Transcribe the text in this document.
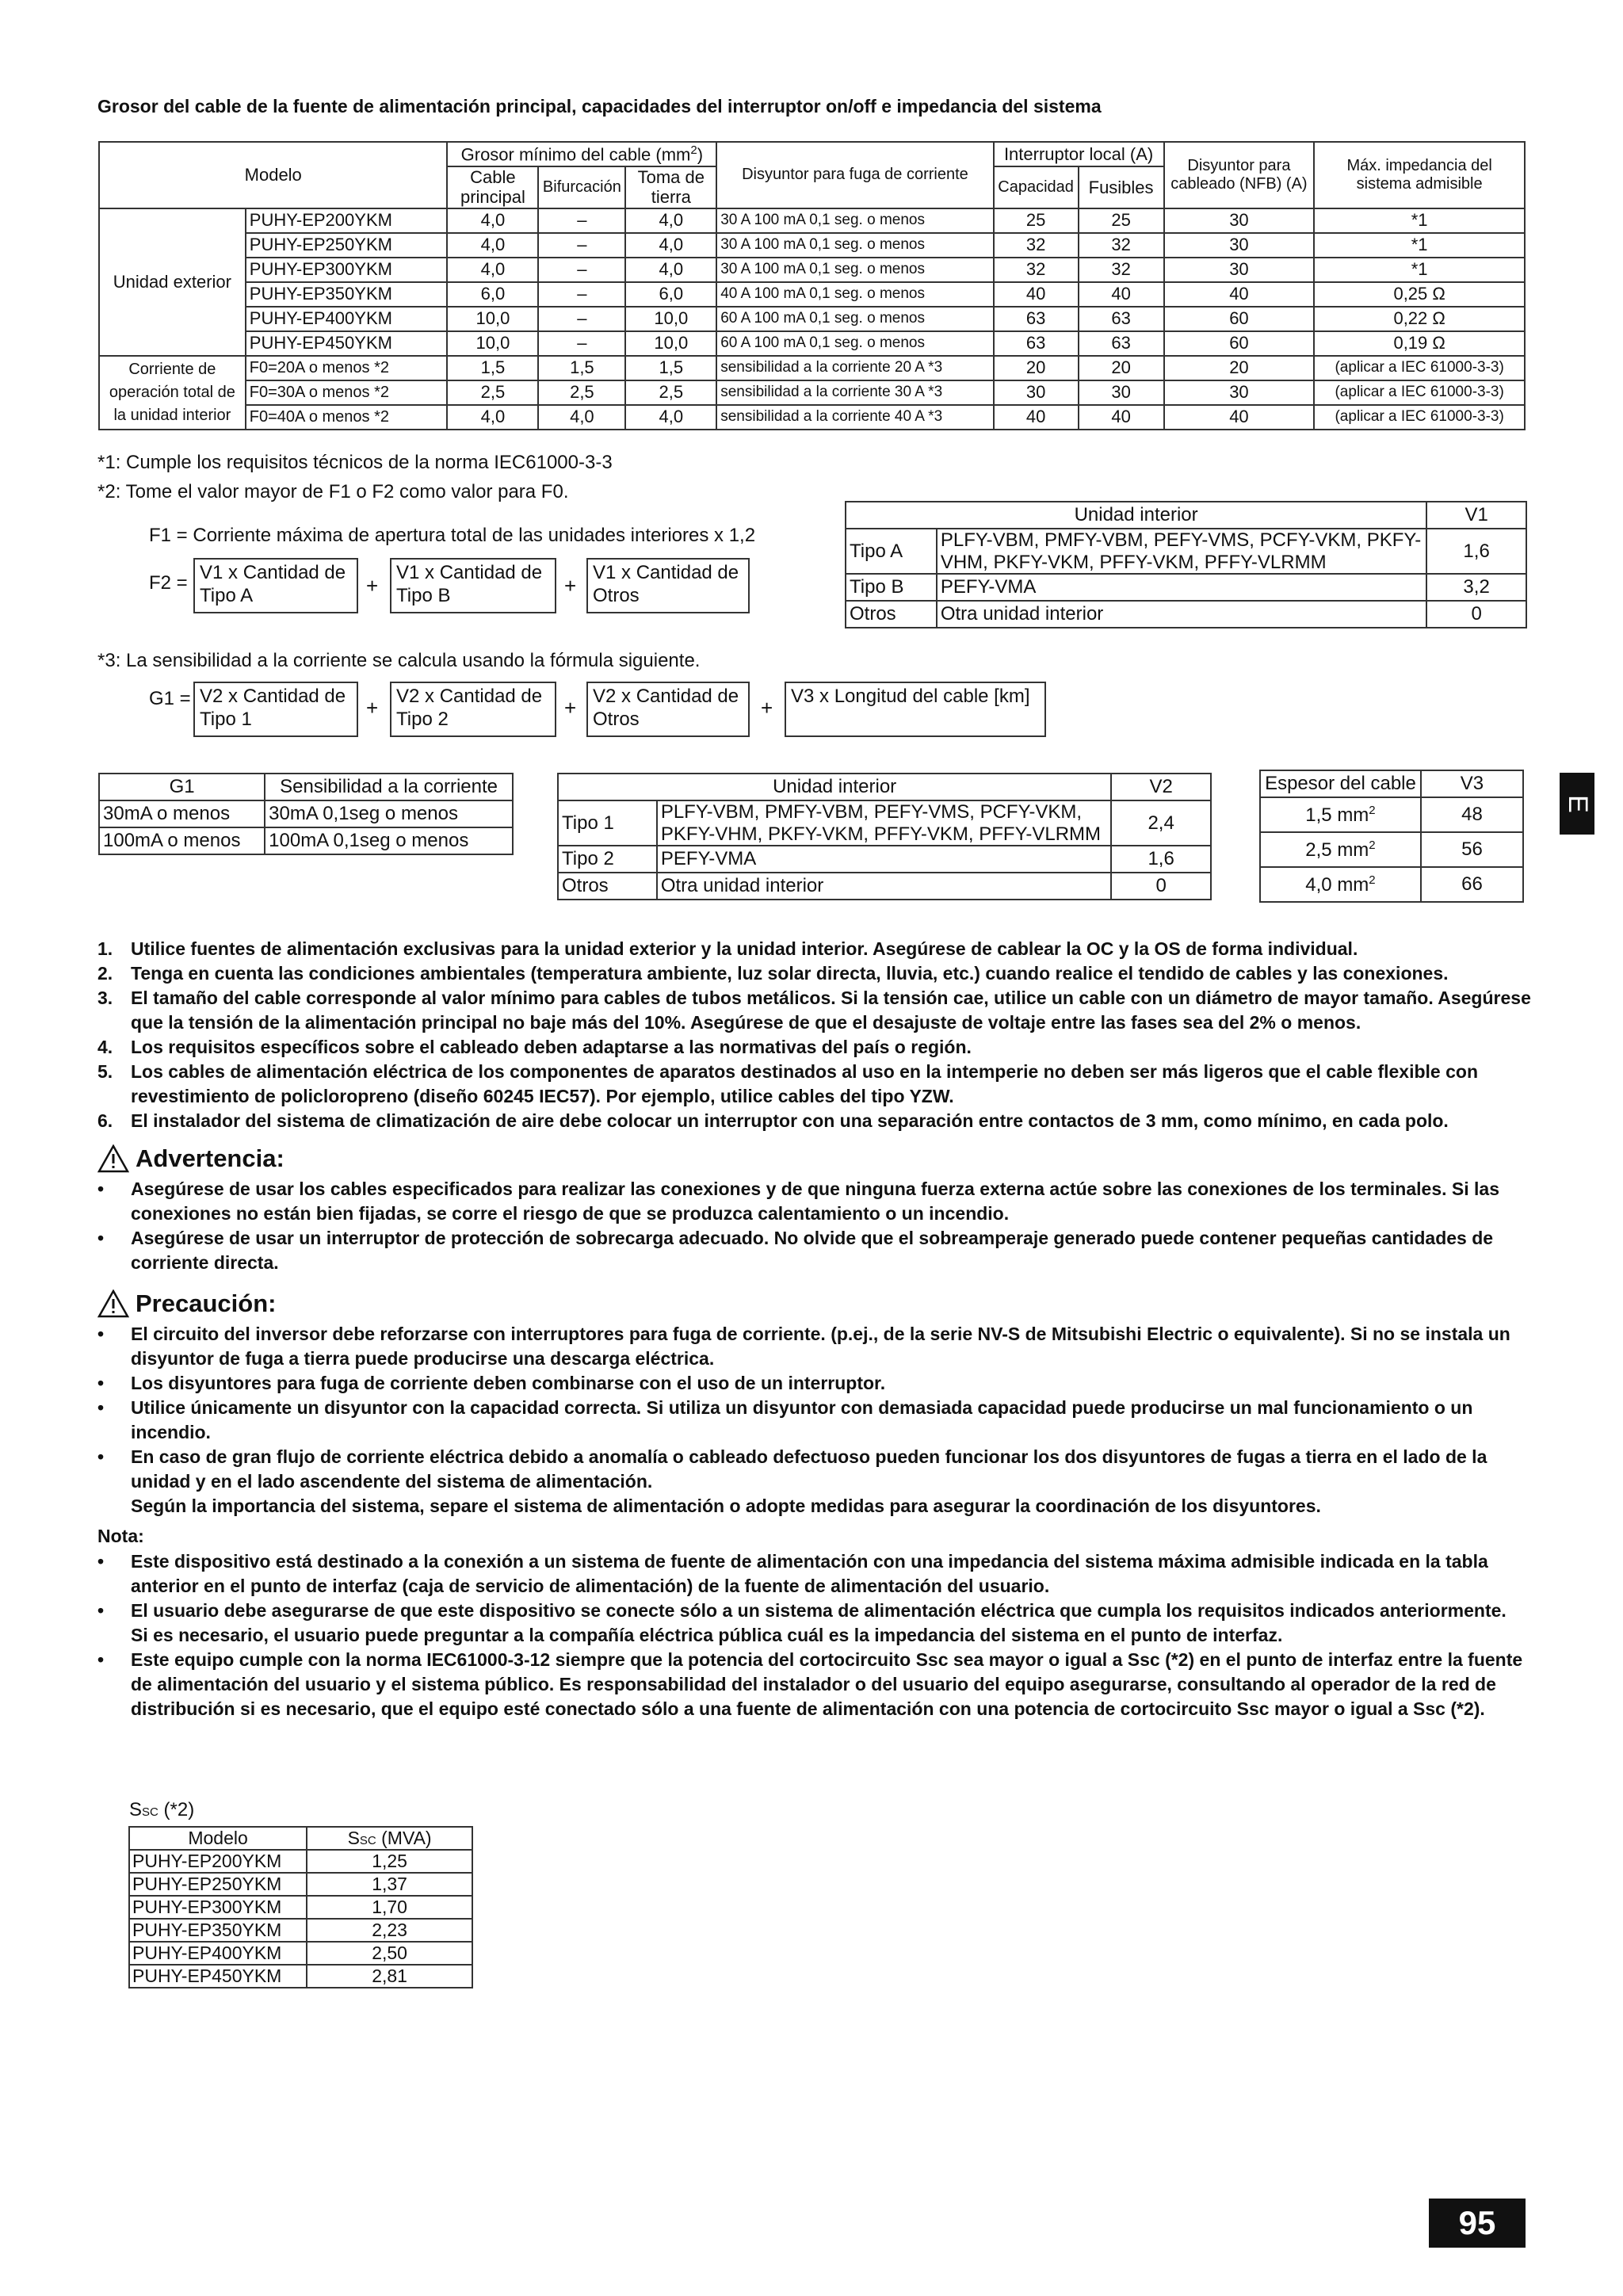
Grosor del cable de la fuente de alimentación principal, capacidades del interruptor on/off e impedancia del sistema
Modelo		Grosor mínimo del cable $(mm^2)$			Disyuntor para fuga de corriente	Interruptor local (A)		Disyuntor para cableado (NFB) (A)	Máx. impedancia del sistema admisible
		Cable principal	Bifurcación	Toma de tierra		Capacidad	Fusibles		
Unidad exterior	PUHY-EP200YKM	4,0	–	4,0	30 A 100 mA 0,1 seg. o menos	25	25	30	*1
	PUHY-EP250YKM	4,0	–	4,0	30 A 100 mA 0,1 seg. o menos	32	32	30	*1
	PUHY-EP300YKM	4,0	–	4,0	30 A 100 mA 0,1 seg. o menos	32	32	30	*1
	PUHY-EP350YKM	6,0	–	6,0	40 A 100 mA 0,1 seg. o menos	40	40	40	0,25 Ω
	PUHY-EP400YKM	10,0	–	10,0	60 A 100 mA 0,1 seg. o menos	63	63	60	0,22 Ω
	PUHY-EP450YKM	10,0	–	10,0	60 A 100 mA 0,1 seg. o menos	63	63	60	0,19 Ω
Corriente de operación total de la unidad interior	F0=20A o menos *2	1,5	1,5	1,5	sensibilidad a la corriente 20 A *3	20	20	20	(aplicar a IEC 61000-3-3)
	F0=30A o menos *2	2,5	2,5	2,5	sensibilidad a la corriente 30 A *3	30	30	30	(aplicar a IEC 61000-3-3)
	F0=40A o menos *2	4,0	4,0	4,0	sensibilidad a la corriente 40 A *3	40	40	40	(aplicar a IEC 61000-3-3)
*1: Cumple los requisitos técnicos de la norma IEC61000-3-3
*2: Tome el valor mayor de F1 o F2 como valor para F0.
F1 = Corriente máxima de apertura total de las unidades interiores x 1,2
F2 = V1 x Cantidad de Tipo A	+
V1 x Cantidad de Tipo B	+
V1 x Cantidad de Otros
Unidad interior		V1
Tipo A	PLFY-VBM, PMFY-VBM, PEFY-VMS, PCFY-VKM, PKFY-VHM, PKFY-VKM, PFFY-VKM, PFFY-VLRMM	1,6
Tipo B	PEFY-VMA	3,2
Otros	Otra unidad interior	0
*3: La sensibilidad a la corriente se calcula usando la fórmula siguiente.
G1 = V2 x Cantidad de Tipo 1	+ V2 x Cantidad de Tipo 2	+ V2 x Cantidad de Otros	+ V3 x Longitud del cable [km]
G1	Sensibilidad a la corriente
30mA o menos	30mA 0,1seg o menos
100mA o menos	100mA 0,1seg o menos
Unidad interior		V2
Tipo 1	PLFY-VBM, PMFY-VBM, PEFY-VMS, PCFY-VKM, PKFY-VHM, PKFY-VKM, PFFY-VKM, PFFY-VLRMM	2,4
Tipo 2	PEFY-VMA	1,6
Otros	Otra unidad interior	0
Espesor del cable	V3
1,5 $mm^2$	48
2,5 $mm^2$	56
4,0 $mm^2$	66
E
1. Utilice fuentes de alimentación exclusivas para la unidad exterior y la unidad interior. Asegúrese de cablear la OC y la OS de forma individual.
2. Tenga en cuenta las condiciones ambientales (temperatura ambiente, luz solar directa, lluvia, etc.) cuando realice el tendido de cables y las conexiones.
3. El tamaño del cable corresponde al valor mínimo para cables de tubos metálicos. Si la tensión cae, utilice un cable con un diámetro de mayor tamaño. Asegúrese que la tensión de la alimentación principal no baje más del 10%. Asegúrese de que el desajuste de voltaje entre las fases sea del 2% o menos.
4. Los requisitos específicos sobre el cableado deben adaptarse a las normativas del país o región.
5. Los cables de alimentación eléctrica de los componentes de aparatos destinados al uso en la intemperie no deben ser más ligeros que el cable flexible con revestimiento de policloropreno (diseño 60245 IEC57). Por ejemplo, utilice cables del tipo YZW.
6. El instalador del sistema de climatización de aire debe colocar un interruptor con una separación entre contactos de 3 mm, como mínimo, en cada polo.
Advertencia:
• Asegúrese de usar los cables especificados para realizar las conexiones y de que ninguna fuerza externa actúe sobre las conexiones de los terminales. Si las conexiones no están bien fijadas, se corre el riesgo de que se produzca calentamiento o un incendio.
• Asegúrese de usar un interruptor de protección de sobrecarga adecuado. No olvide que el sobreamperaje generado puede contener pequeñas cantidades de corriente directa.
Precaución:
• El circuito del inversor debe reforzarse con interruptores para fuga de corriente. (p.ej., de la serie NV-S de Mitsubishi Electric o equivalente). Si no se instala un disyuntor de fuga a tierra puede producirse una descarga eléctrica.
• Los disyuntores para fuga de corriente deben combinarse con el uso de un interruptor.
• Utilice únicamente un disyuntor con la capacidad correcta. Si utiliza un disyuntor con demasiada capacidad puede producirse un mal funcionamiento o un incendio.
• En caso de gran flujo de corriente eléctrica debido a anomalía o cableado defectuoso pueden funcionar los dos disyuntores de fugas a tierra en el lado de la unidad y en el lado ascendente del sistema de alimentación.
Según la importancia del sistema, separe el sistema de alimentación o adopte medidas para asegurar la coordinación de los disyuntores.
Nota:
• Este dispositivo está destinado a la conexión a un sistema de fuente de alimentación con una impedancia del sistema máxima admisible indicada en la tabla anterior en el punto de interfaz (caja de servicio de alimentación) de la fuente de alimentación del usuario.
• El usuario debe asegurarse de que este dispositivo se conecte sólo a un sistema de alimentación eléctrica que cumpla los requisitos indicados anteriormente.
Si es necesario, el usuario puede preguntar a la compañía eléctrica pública cuál es la impedancia del sistema en el punto de interfaz.
• Este equipo cumple con la norma IEC61000-3-12 siempre que la potencia del cortocircuito Ssc sea mayor o igual a Ssc (*2) en el punto de interfaz entre la fuente de alimentación del usuario y el sistema público. Es responsabilidad del instalador o del usuario del equipo asegurarse, consultando al operador de la red de distribución si es necesario, que el equipo esté conectado sólo a una fuente de alimentación con una potencia de cortocircuito Ssc mayor o igual a Ssc (*2).
SSC (*2)
Modelo	SSC (MVA)
PUHY-EP200YKM	1,25
PUHY-EP250YKM	1,37
PUHY-EP300YKM	1,70
PUHY-EP350YKM	2,23
PUHY-EP400YKM	2,50
PUHY-EP450YKM	2,81
95
